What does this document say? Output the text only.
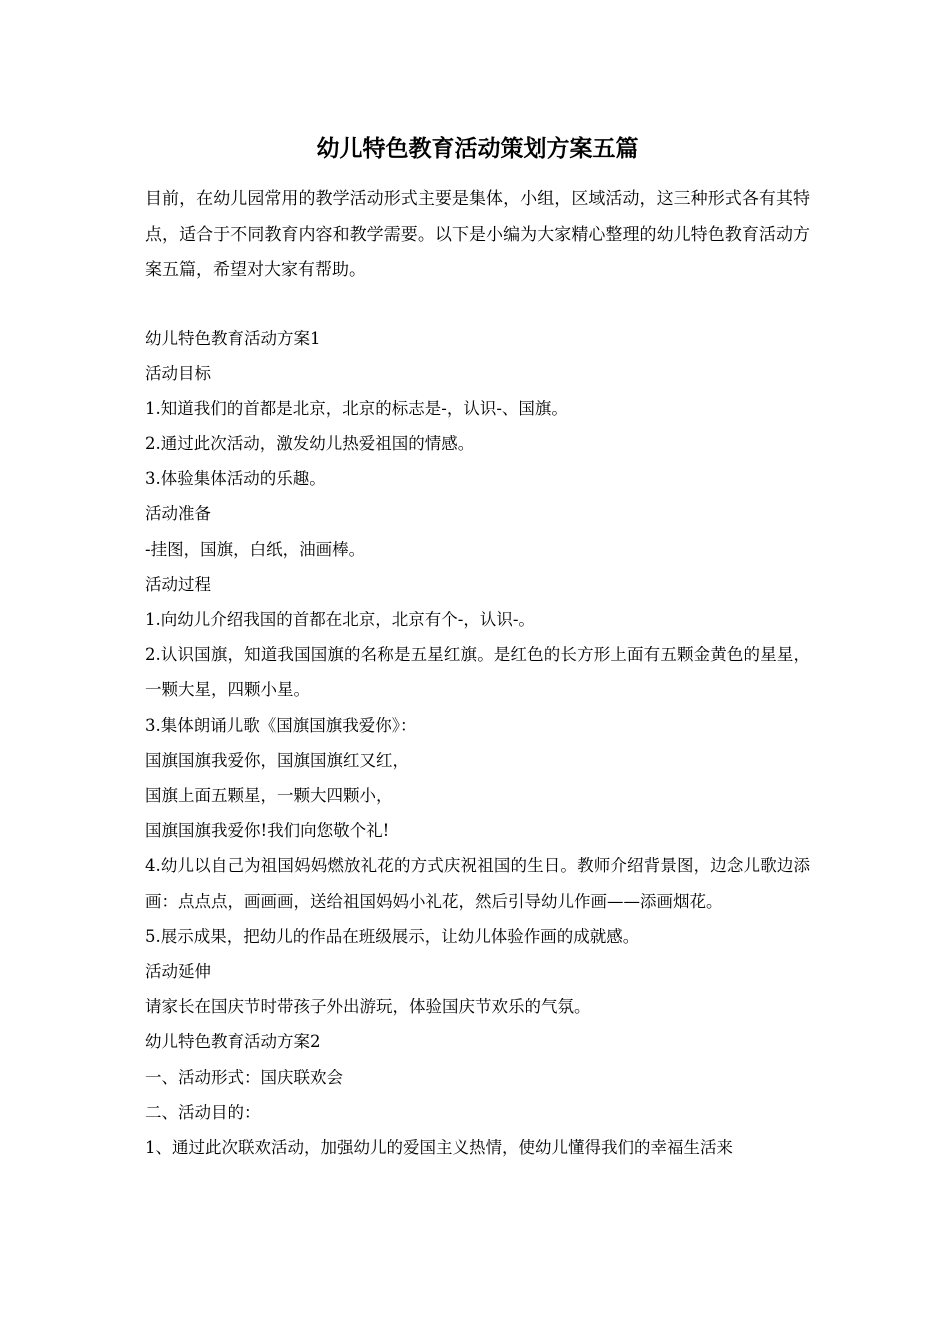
幼儿特色教育活动策划方案五篇
目前，在幼儿园常用的教学活动形式主要是集体，小组，区域活动，这三种形式各有其特点，适合于不同教育内容和教学需要。以下是小编为大家精心整理的幼儿特色教育活动方案五篇，希望对大家有帮助。
幼儿特色教育活动方案1
活动目标
1.知道我们的首都是北京，北京的标志是-，认识-、国旗。
2.通过此次活动，激发幼儿热爱祖国的情感。
3.体验集体活动的乐趣。
活动准备
-挂图，国旗，白纸，油画棒。
活动过程
1.向幼儿介绍我国的首都在北京，北京有个-，认识-。
2.认识国旗，知道我国国旗的名称是五星红旗。是红色的长方形上面有五颗金黄色的星星，一颗大星，四颗小星。
3.集体朗诵儿歌《国旗国旗我爱你》：
国旗国旗我爱你，国旗国旗红又红，
国旗上面五颗星，一颗大四颗小，
国旗国旗我爱你!我们向您敬个礼!
4.幼儿以自己为祖国妈妈燃放礼花的方式庆祝祖国的生日。教师介绍背景图，边念儿歌边添画：点点点，画画画，送给祖国妈妈小礼花，然后引导幼儿作画——添画烟花。
5.展示成果，把幼儿的作品在班级展示，让幼儿体验作画的成就感。
活动延伸
请家长在国庆节时带孩子外出游玩，体验国庆节欢乐的气氛。
幼儿特色教育活动方案2
一、活动形式：国庆联欢会
二、活动目的：
1、通过此次联欢活动，加强幼儿的爱国主义热情，使幼儿懂得我们的幸福生活来
